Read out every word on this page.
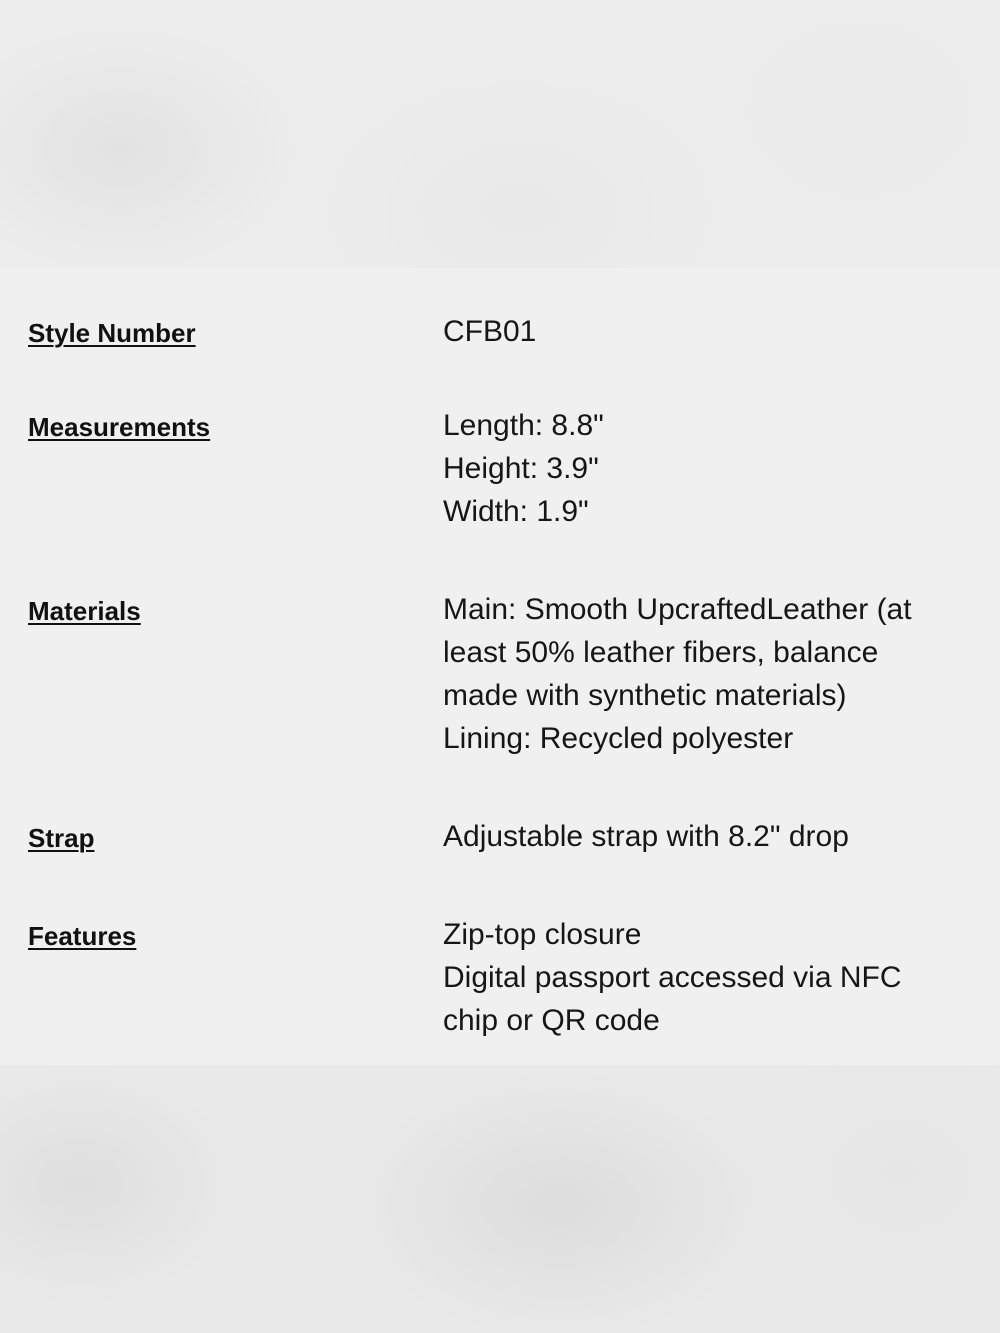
Style Number	CFB01
Measurements	Length: 8.8"
Height: 3.9"
Width: 1.9"
Materials	Main: Smooth UpcraftedLeather (at
least 50% leather fibers, balance
made with synthetic materials)
Lining: Recycled polyester
Strap	Adjustable strap with 8.2" drop
Features	Zip-top closure
Digital passport accessed via NFC
chip or QR code
